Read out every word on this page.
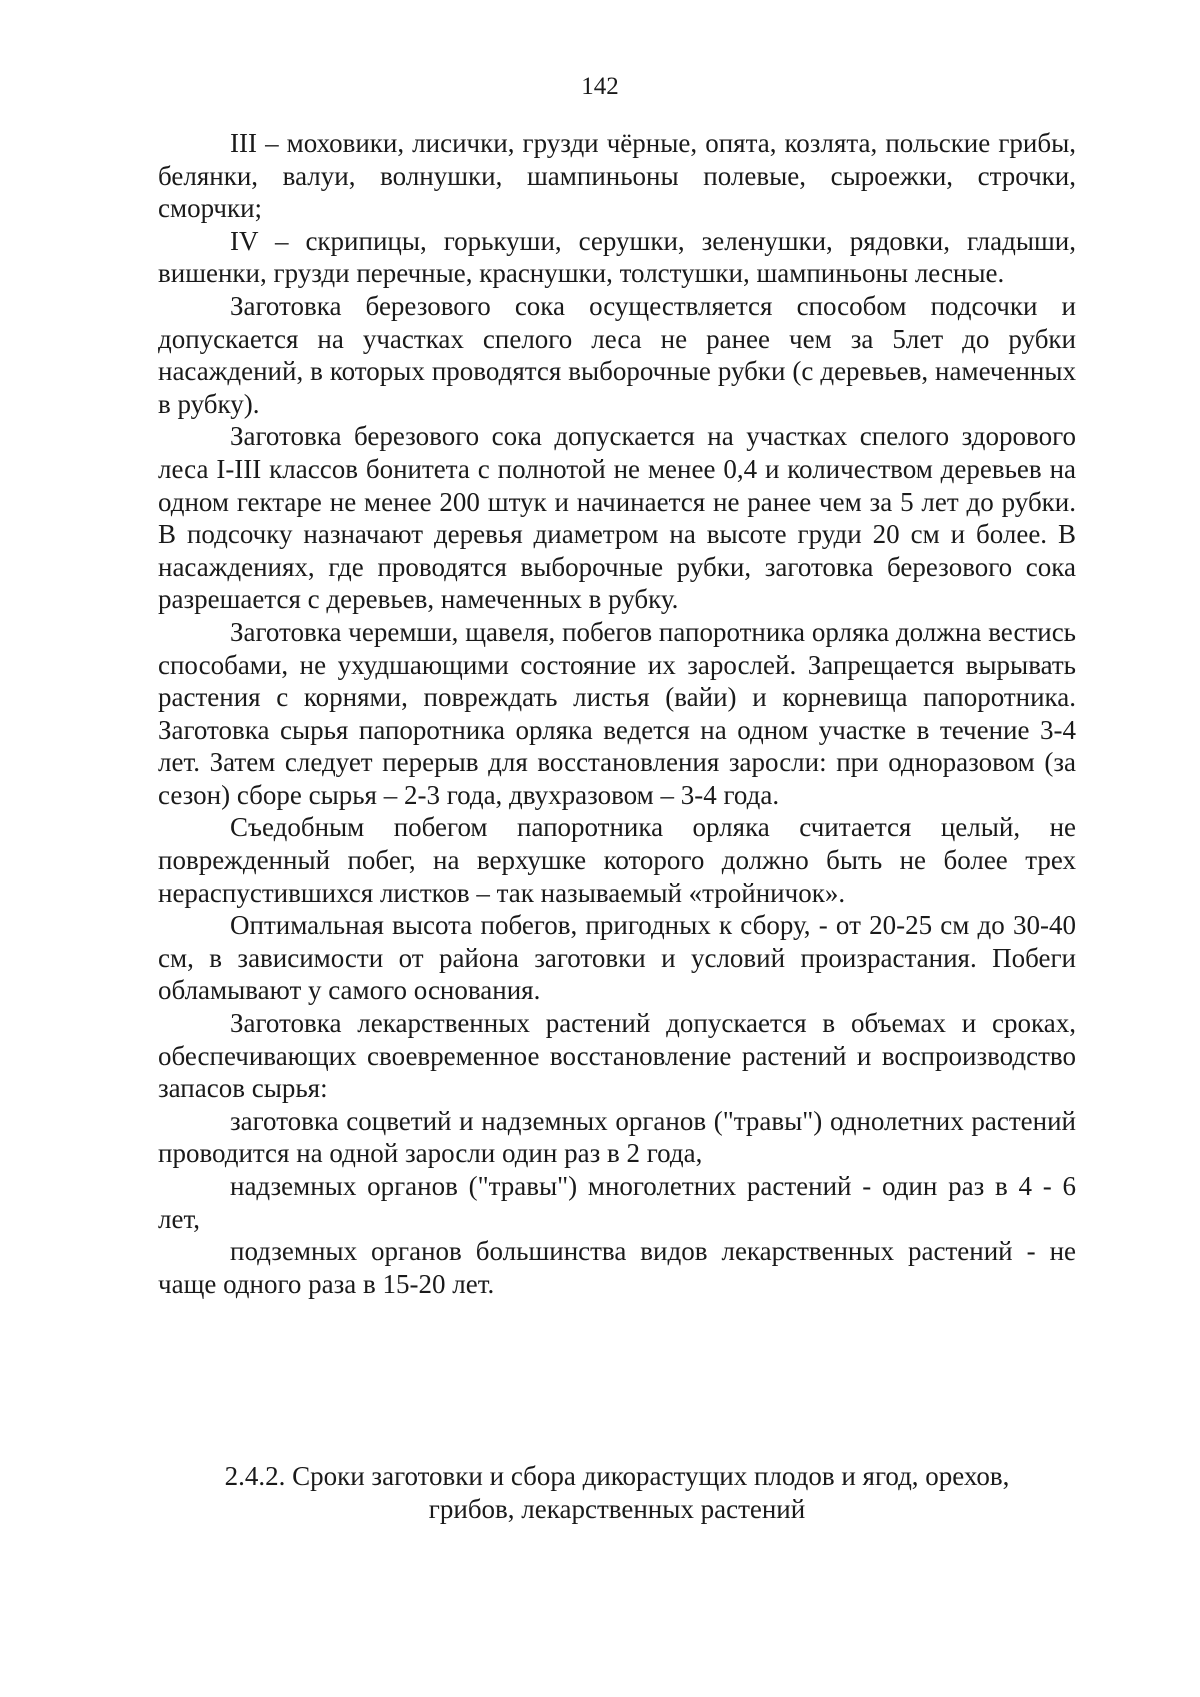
142

III – моховики, лисички, грузди чёрные, опята, козлята, польские грибы, белянки, валуи, волнушки, шампиньоны полевые, сыроежки, строчки, сморчки;

IV – скрипицы, горькуши, серушки, зеленушки, рядовки, гладыши, вишенки, грузди перечные, краснушки, толстушки, шампиньоны лесные.

Заготовка березового сока осуществляется способом подсочки и допускается на участках спелого леса не ранее чем за 5лет до рубки насаждений, в которых проводятся выборочные рубки (с деревьев, намеченных в рубку).

Заготовка березового сока допускается на участках спелого здорового леса I-III классов бонитета с полнотой не менее 0,4 и количеством деревьев на одном гектаре не менее 200 штук и начинается не ранее чем за 5 лет до рубки. В подсочку назначают деревья диаметром на высоте груди 20 см и более. В насаждениях, где проводятся выборочные рубки, заготовка березового сока разрешается с деревьев, намеченных в рубку.

Заготовка черемши, щавеля, побегов папоротника орляка должна вестись способами, не ухудшающими состояние их зарослей. Запрещается вырывать растения с корнями, повреждать листья (вайи) и корневища папоротника. Заготовка сырья папоротника орляка ведется на одном участке в течение 3-4 лет. Затем следует перерыв для восстановления заросли: при одноразовом (за сезон) сборе сырья – 2-3 года, двухразовом – 3-4 года.

Съедобным побегом папоротника орляка считается целый, не поврежденный побег, на верхушке которого должно быть не более трех нераспустившихся листков – так называемый «тройничок».

Оптимальная высота побегов, пригодных к сбору, - от 20-25 см до 30-40 см, в зависимости от района заготовки и условий произрастания. Побеги обламывают у самого основания.

Заготовка лекарственных растений допускается в объемах и сроках, обеспечивающих своевременное восстановление растений и воспроизводство запасов сырья:

заготовка соцветий и надземных органов ("травы") однолетних растений проводится на одной заросли один раз в 2 года,

надземных органов ("травы") многолетних растений - один раз в 4 - 6 лет,

подземных органов большинства видов лекарственных растений - не чаще одного раза в 15-20 лет.

2.4.2. Сроки заготовки и сбора дикорастущих плодов и ягод, орехов,
грибов, лекарственных растений
